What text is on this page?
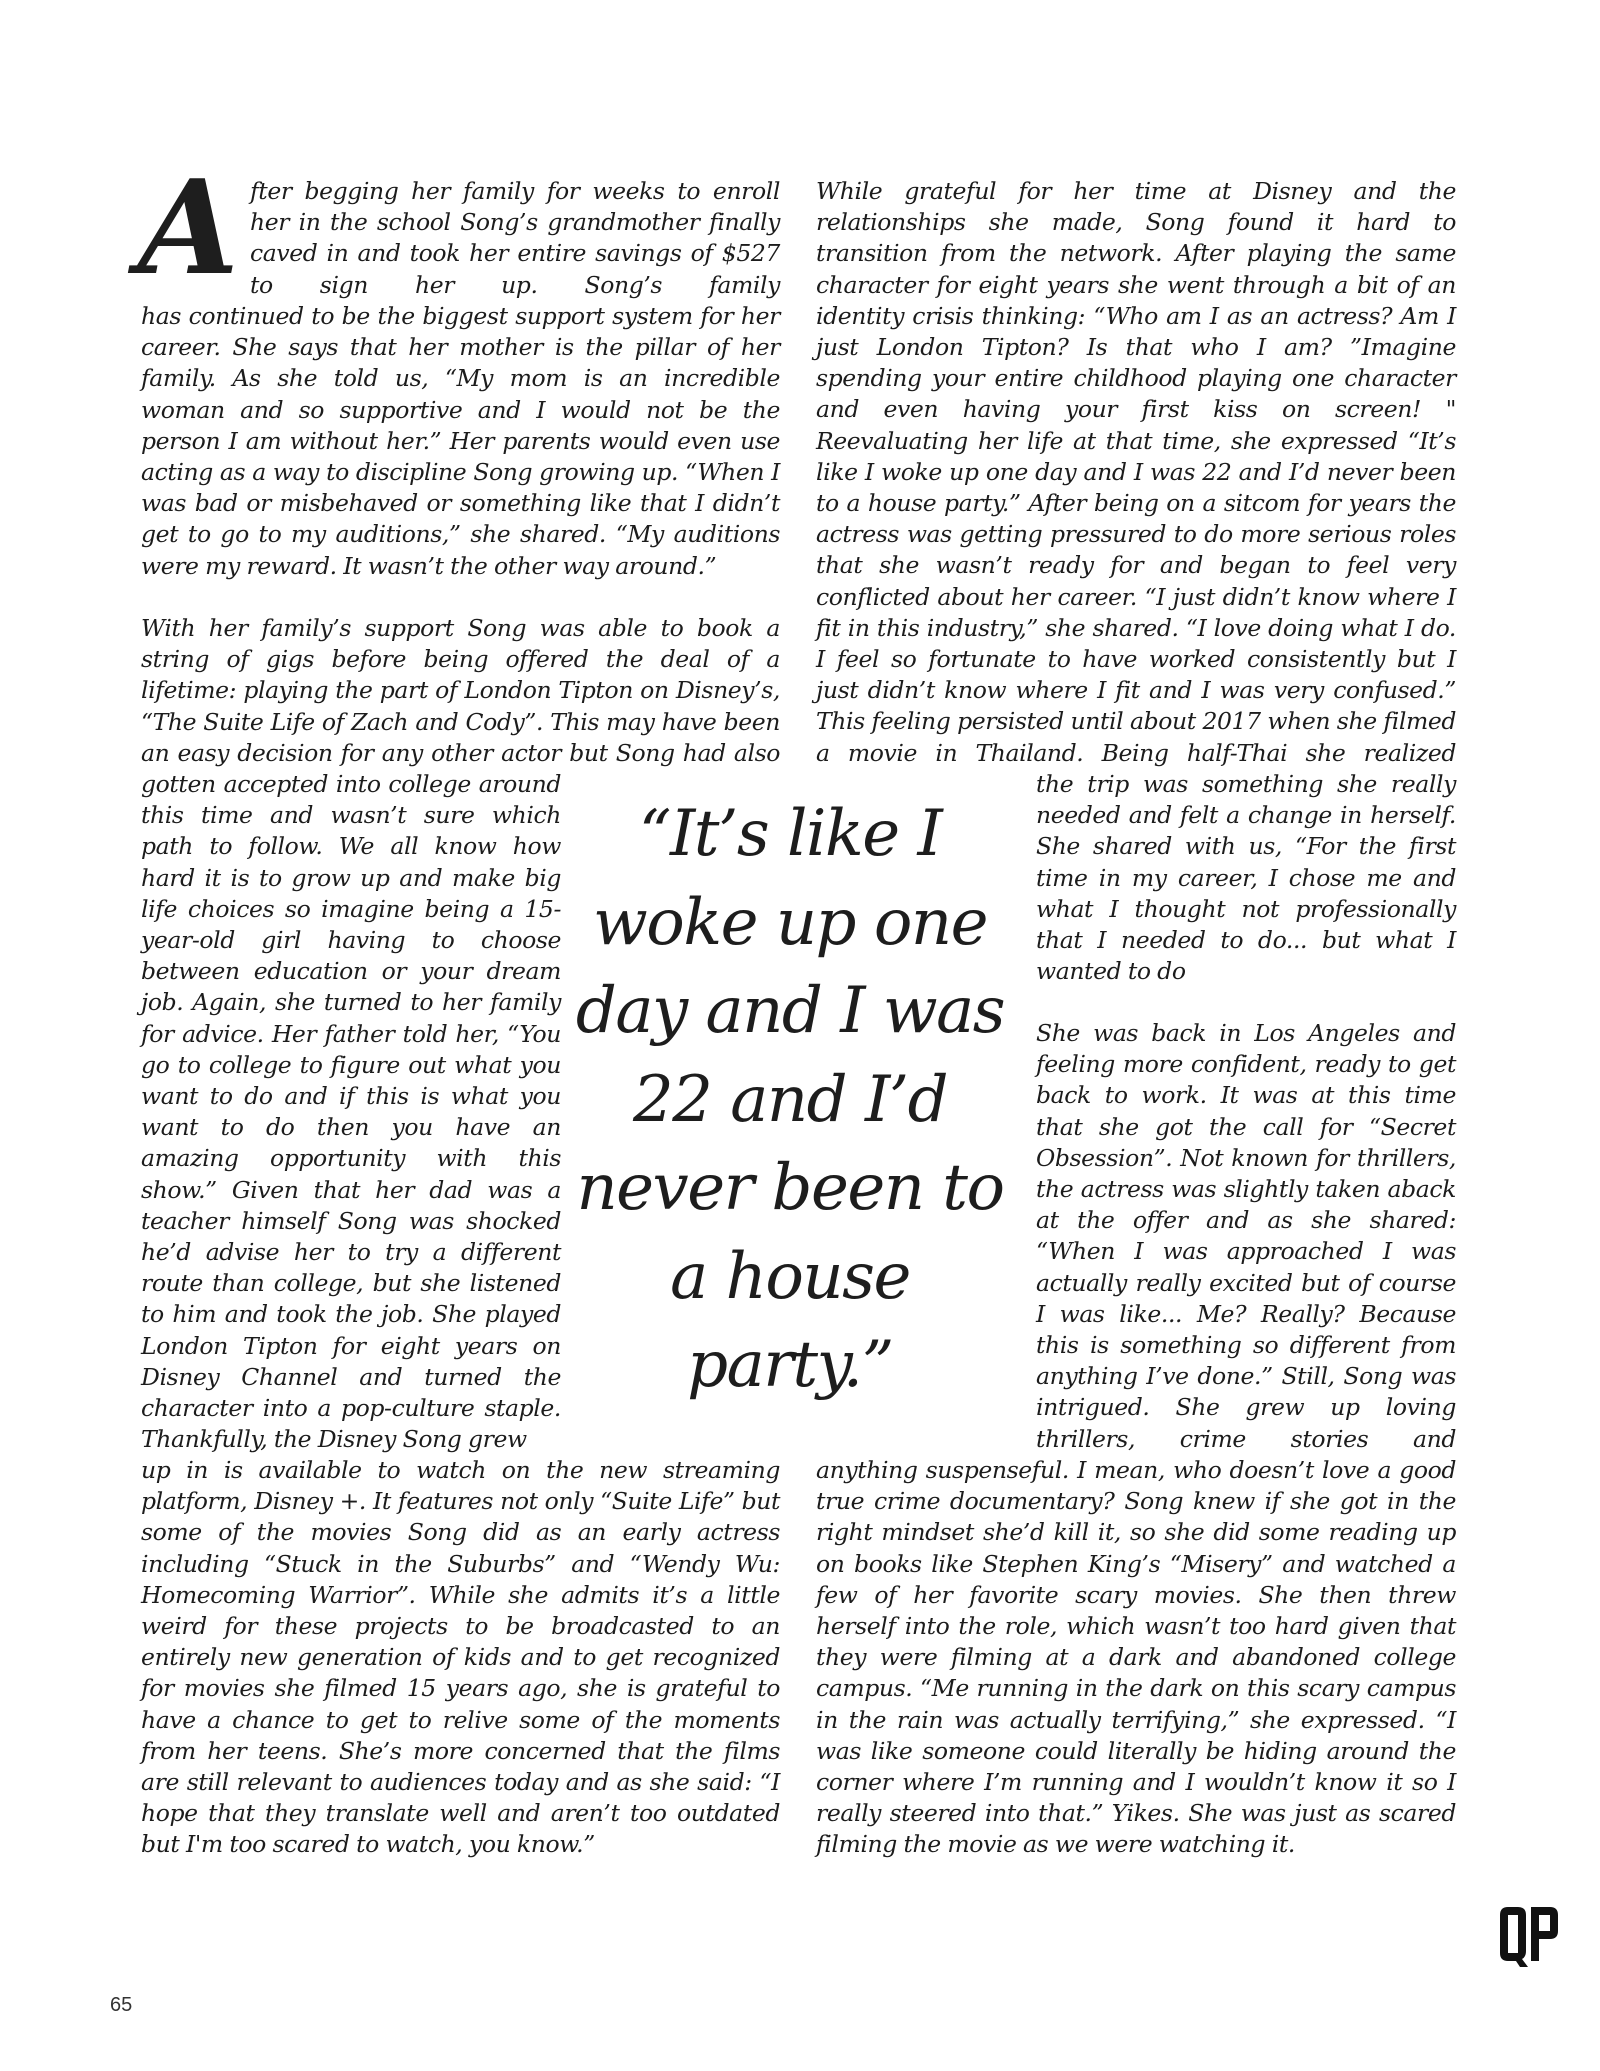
A fter begging her family for weeks to enroll her in the school Song’s grandmother finally caved in and took her entire savings of $527 to sign her up. Song’s family

has continued to be the biggest support system for her career. She says that her mother is the pillar of her family. As she told us, “My mom is an incredible woman and so supportive and I would not be the person I am without her.” Her parents would even use acting as a way to discipline Song growing up. “When I was bad or misbehaved or something like that I didn’t get to go to my auditions,” she shared. “My auditions were my reward. It wasn’t the other way around.”

With her family’s support Song was able to book a string of gigs before being offered the deal of a lifetime: playing the part of London Tipton on Disney’s, “The Suite Life of Zach and Cody”. This may have been an easy decision for any other actor but Song had also

gotten accepted into college around this time and wasn’t sure which path to follow. We all know how hard it is to grow up and make big life choices so imagine being a 15-year-old girl having to choose between education or your dream job. Again, she turned to her family for advice. Her father told her, “You go to college to figure out what you want to do and if this is what you want to do then you have an amazing opportunity with this show.” Given that her dad was a teacher himself Song was shocked he’d advise her to try a different route than college, but she listened to him and took the job. She played London Tipton for eight years on Disney Channel and turned the character into a pop-culture staple.

Thankfully, the Disney Song grew

up in is available to watch on the new streaming platform, Disney +. It features not only “Suite Life” but some of the movies Song did as an early actress including “Stuck in the Suburbs” and “Wendy Wu: Homecoming Warrior”. While she admits it’s a little weird for these projects to be broadcasted to an entirely new generation of kids and to get recognized for movies she filmed 15 years ago, she is grateful to have a chance to get to relive some of the moments from her teens. She’s more concerned that the films are still relevant to audiences today and as she said: “I hope that they translate well and aren’t too outdated but I'm too scared to watch, you know.”

While grateful for her time at Disney and the relationships she made, Song found it hard to transition from the network. After playing the same character for eight years she went through a bit of an identity crisis thinking: “Who am I as an actress? Am I just London Tipton? Is that who I am? ”Imagine spending your entire childhood playing one character and even having your first kiss on screen! " Reevaluating her life at that time, she expressed “It’s like I woke up one day and I was 22 and I’d never been to a house party.” After being on a sitcom for years the actress was getting pressured to do more serious roles that she wasn’t ready for and began to feel very conflicted about her career. “I just didn’t know where I fit in this industry,” she shared. “I love doing what I do. I feel so fortunate to have worked consistently but I just didn’t know where I fit and I was very confused.” This feeling persisted until about 2017 when she filmed a movie in Thailand. Being half-Thai she realized

the trip was something she really needed and felt a change in herself. She shared with us, “For the first time in my career, I chose me and what I thought not professionally that I needed to do... but what I wanted to do

She was back in Los Angeles and feeling more confident, ready to get back to work. It was at this time that she got the call for “Secret Obsession”. Not known for thrillers, the actress was slightly taken aback at the offer and as she shared: “When I was approached I was actually really excited but of course I was like... Me? Really? Because this is something so different from anything I’ve done.” Still, Song was intrigued. She grew up loving thrillers, crime stories and

anything suspenseful. I mean, who doesn’t love a good true crime documentary? Song knew if she got in the right mindset she’d kill it, so she did some reading up on books like Stephen King’s “Misery” and watched a few of her favorite scary movies. She then threw herself into the role, which wasn’t too hard given that they were filming at a dark and abandoned college campus. “Me running in the dark on this scary campus in the rain was actually terrifying,” she expressed. “I was like someone could literally be hiding around the corner where I’m running and I wouldn’t know it so I really steered into that.” Yikes. She was just as scared filming the movie as we were watching it.

“It’s like I woke up one day and I was 22 and I’d never been to a house party.”

65
